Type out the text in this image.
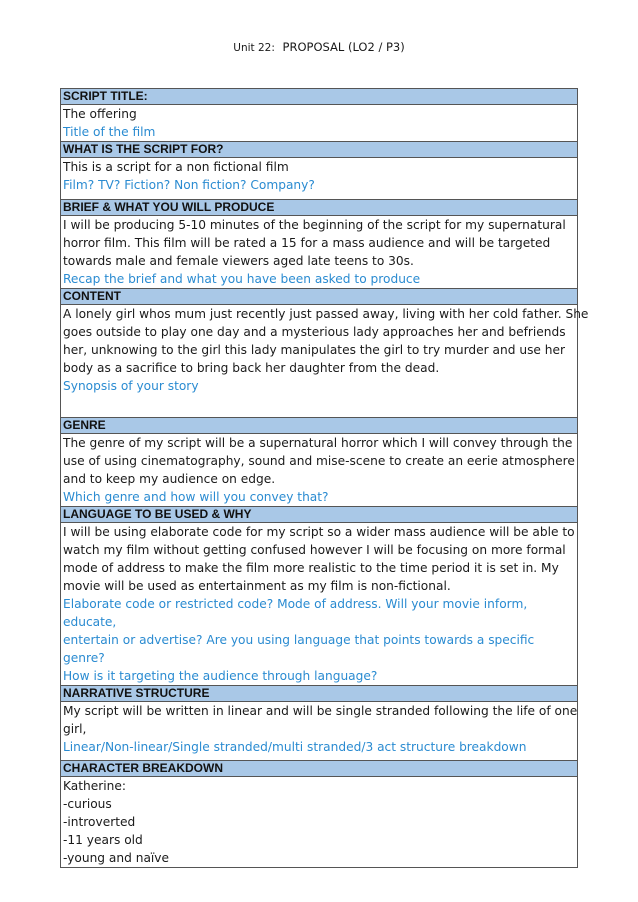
Unit 22: PROPOSAL (LO2 / P3)
SCRIPT TITLE:

The offering
Title of the film

WHAT IS THE SCRIPT FOR?

This is a script for a non fictional film
Film? TV? Fiction? Non fiction? Company?

BRIEF & WHAT YOU WILL PRODUCE

I will be producing 5-10 minutes of the beginning of the script for my supernatural
horror film. This film will be rated a 15 for a mass audience and will be targeted
towards male and female viewers aged late teens to 30s.
Recap the brief and what you have been asked to produce

CONTENT

A lonely girl whos mum just recently just passed away, living with her cold father. She
goes outside to play one day and a mysterious lady approaches her and befriends
her, unknowing to the girl this lady manipulates the girl to try murder and use her
body as a sacrifice to bring back her daughter from the dead.
Synopsis of your story

GENRE

The genre of my script will be a supernatural horror which I will convey through the
use of using cinematography, sound and mise-scene to create an eerie atmosphere
and to keep my audience on edge.
Which genre and how will you convey that?

LANGUAGE TO BE USED & WHY

I will be using elaborate code for my script so a wider mass audience will be able to
watch my film without getting confused however I will be focusing on more formal
mode of address to make the film more realistic to the time period it is set in. My
movie will be used as entertainment as my film is non-fictional.
Elaborate code or restricted code? Mode of address. Will your movie inform, educate,
entertain or advertise? Are you using language that points towards a specific genre?
How is it targeting the audience through language?

NARRATIVE STRUCTURE

My script will be written in linear and will be single stranded following the life of one
girl,
Linear/Non-linear/Single stranded/multi stranded/3 act structure breakdown

CHARACTER BREAKDOWN

Katherine:
-curious
-introverted
-11 years old
-young and naïve
